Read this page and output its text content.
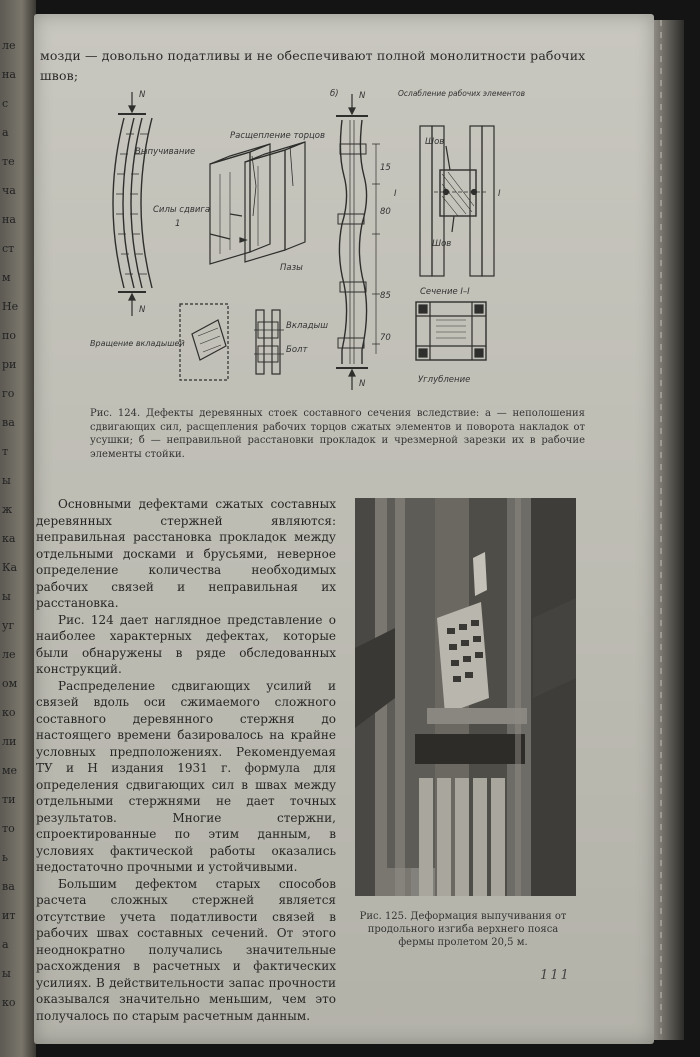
ле
на
с
а
те
ча
на
ст
м
Не
по
ри
го
ва
т
ы
ж
ка
Ка
ы
уг
ле
ом
ко
ли
ме
ти
то
ь
ва
ит
а
ы
ко
мозди — довольно податливы и не обеспечивают полной монолитности рабочих швов;
N
Выпучивание
Расщепление торцов
Силы сдвига
1
Пазы
б) N	Ослабление рабочих элементов
Шов
I	I
Шов
15
80
85
70
Сечение I–I
N
Вращение вкладышей
Вкладыш
Болт
N	Углубление
Рис. 124. Дефекты деревянных стоек составного сечения вследствие: а — неполошения сдвигающих сил, расщепления рабочих торцов сжатых элементов и поворота накладок от усушки; б — неправильной расстановки прокладок и чрезмерной зарезки их в рабочие элементы стойки.

Основными дефектами сжатых составных деревянных стержней являются: неправильная расстановка прокладок между отдельными досками и брусьями, неверное определение количества необходимых рабочих связей и неправильная их расстановка.

Рис. 124 дает наглядное представление о наиболее характерных дефектах, которые были обнаружены в ряде обследованных конструкций.

Распределение сдвигающих усилий и связей вдоль оси сжимаемого сложного составного деревянного стержня до настоящего времени базировалось на крайне условных предположениях. Рекомендуемая ТУ и Н издания 1931 г. формула для определения сдвигающих сил в швах между отдельными стержнями не дает точных результатов. Многие стержни, спроектированные по этим данным, в условиях фактической работы оказались недостаточно прочными и устойчивыми.

Большим дефектом старых способов расчета сложных стержней является отсутствие учета податливости связей в рабочих швах составных сечений. От этого неоднократно получались значительные расхождения в расчетных и фактических усилиях. В действительности запас прочности оказывался значительно меньшим, чем это получалось по старым расчетным данным.

Рис. 125. Деформация выпучивания от продольного изгиба верхнего пояса фермы пролетом 20,5 м.
111
